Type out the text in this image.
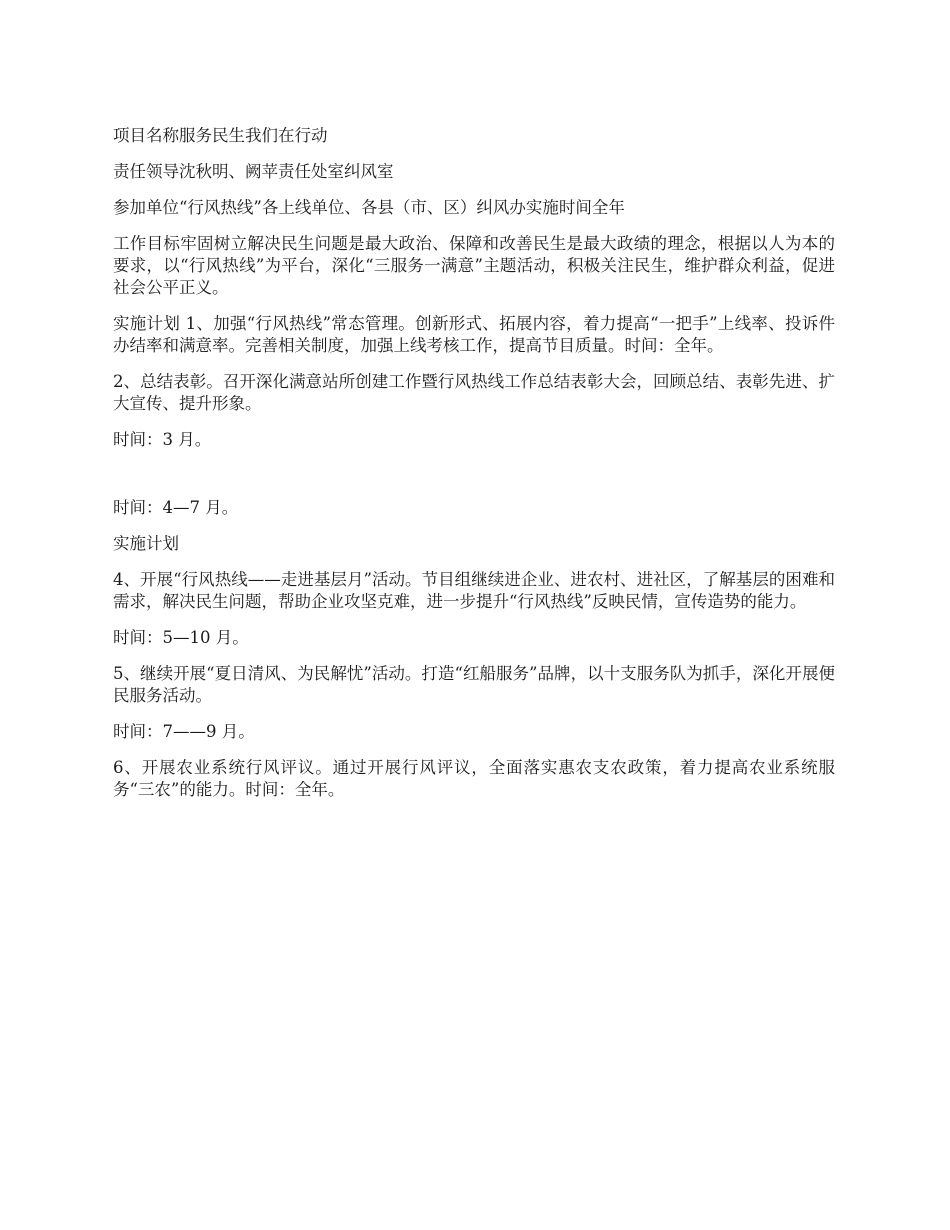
项目名称服务民生我们在行动

责任领导沈秋明、阙苹责任处室纠风室

参加单位“行风热线”各上线单位、各县（市、区）纠风办实施时间全年

工作目标牢固树立解决民生问题是最大政治、保障和改善民生是最大政绩的理念，根据以人为本的要求，以“行风热线”为平台，深化“三服务一满意”主题活动，积极关注民生，维护群众利益，促进社会公平正义。

实施计划 1、加强“行风热线”常态管理。创新形式、拓展内容，着力提高“一把手”上线率、投诉件办结率和满意率。完善相关制度，加强上线考核工作，提高节目质量。时间：全年。

2、总结表彰。召开深化满意站所创建工作暨行风热线工作总结表彰大会，回顾总结、表彰先进、扩大宣传、提升形象。

时间：3 月。

时间：4—7 月。

实施计划

4、开展“行风热线——走进基层月”活动。节目组继续进企业、进农村、进社区，了解基层的困难和需求，解决民生问题，帮助企业攻坚克难，进一步提升“行风热线”反映民情，宣传造势的能力。

时间：5—10 月。

5、继续开展“夏日清风、为民解忧”活动。打造“红船服务”品牌，以十支服务队为抓手，深化开展便民服务活动。

时间：7——9 月。

6、开展农业系统行风评议。通过开展行风评议，全面落实惠农支农政策，着力提高农业系统服务“三农”的能力。时间：全年。
